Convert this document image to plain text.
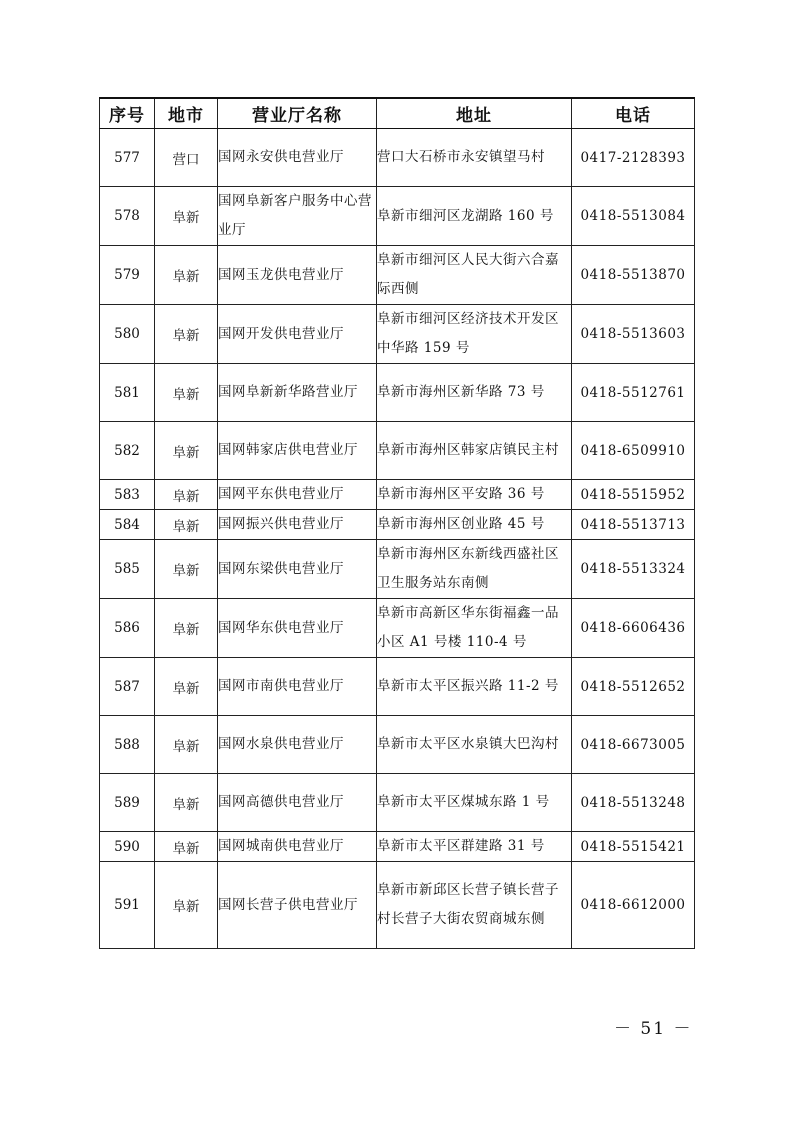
序号	地市	营业厅名称	地址	电话
577	营口	国网永安供电营业厅	营口大石桥市永安镇望马村	0417-2128393
578	阜新	国网阜新客户服务中心营业厅	阜新市细河区龙湖路 160 号	0418-5513084
579	阜新	国网玉龙供电营业厅	阜新市细河区人民大街六合嘉际西侧	0418-5513870
580	阜新	国网开发供电营业厅	阜新市细河区经济技术开发区中华路 159 号	0418-5513603
581	阜新	国网阜新新华路营业厅	阜新市海州区新华路 73 号	0418-5512761
582	阜新	国网韩家店供电营业厅	阜新市海州区韩家店镇民主村	0418-6509910
583	阜新	国网平东供电营业厅	阜新市海州区平安路 36 号	0418-5515952
584	阜新	国网振兴供电营业厅	阜新市海州区创业路 45 号	0418-5513713
585	阜新	国网东梁供电营业厅	阜新市海州区东新线西盛社区卫生服务站东南侧	0418-5513324
586	阜新	国网华东供电营业厅	阜新市高新区华东街福鑫一品小区 A1 号楼 110-4 号	0418-6606436
587	阜新	国网市南供电营业厅	阜新市太平区振兴路 11-2 号	0418-5512652
588	阜新	国网水泉供电营业厅	阜新市太平区水泉镇大巴沟村	0418-6673005
589	阜新	国网高德供电营业厅	阜新市太平区煤城东路 1 号	0418-5513248
590	阜新	国网城南供电营业厅	阜新市太平区群建路 31 号	0418-5515421
591	阜新	国网长营子供电营业厅	阜新市新邱区长营子镇长营子村长营子大街农贸商城东侧	0418-6612000
－ 51 －
